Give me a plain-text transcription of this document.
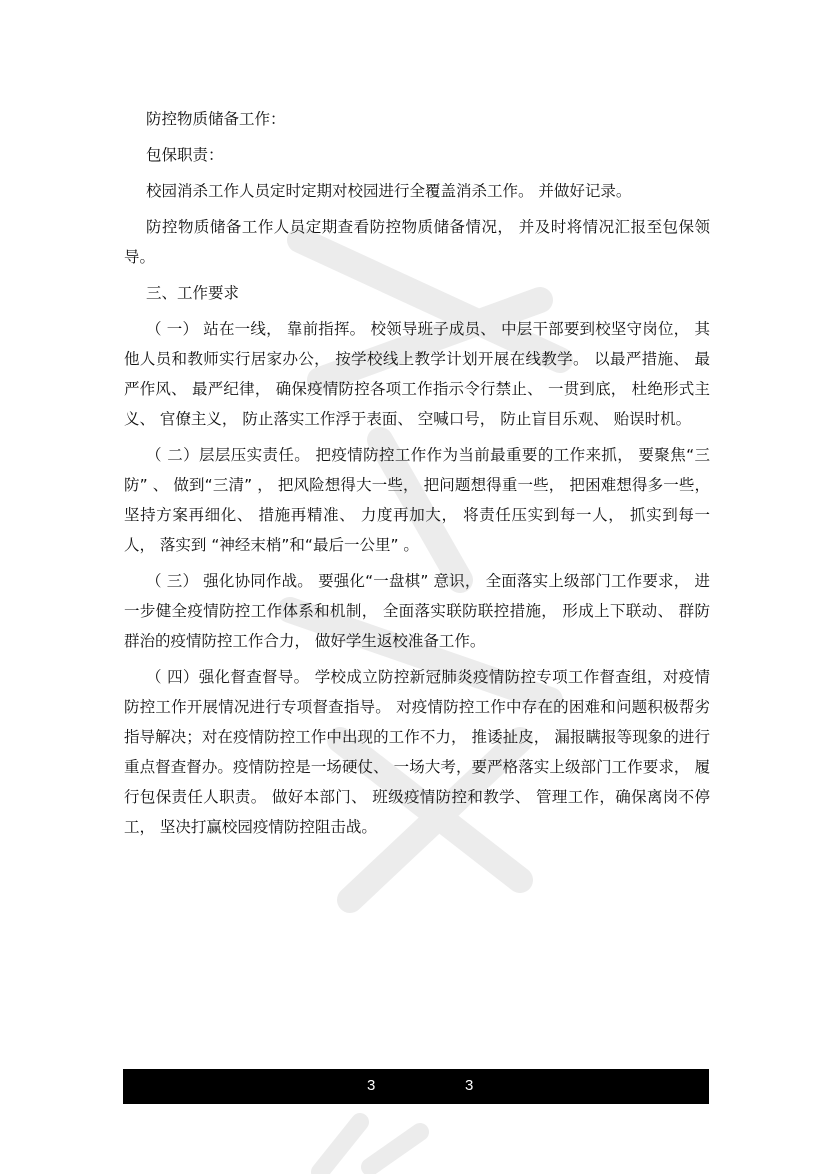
防控物质储备工作：

包保职责：

校园消杀工作人员定时定期对校园进行全覆盖消杀工作。 并做好记录。

防控物质储备工作人员定期查看防控物质储备情况， 并及时将情况汇报至包保领导。

三、工作要求

（ 一） 站在一线， 靠前指挥。 校领导班子成员、 中层干部要到校坚守岗位， 其他人员和教师实行居家办公， 按学校线上教学计划开展在线教学。 以最严措施、 最严作风、 最严纪律， 确保疫情防控各项工作指示令行禁止、 一贯到底， 杜绝形式主义、 官僚主义， 防止落实工作浮于表面、 空喊口号， 防止盲目乐观、 贻误时机。

（ 二）层层压实责任。 把疫情防控工作作为当前最重要的工作来抓， 要聚焦“三防” 、 做到“三清” ， 把风险想得大一些， 把问题想得重一些， 把困难想得多一些， 坚持方案再细化、 措施再精准、 力度再加大， 将责任压实到每一人， 抓实到每一人， 落实到 “神经末梢”和“最后一公里” 。

（ 三） 强化协同作战。 要强化“一盘棋” 意识， 全面落实上级部门工作要求， 进一步健全疫情防控工作体系和机制， 全面落实联防联控措施， 形成上下联动、 群防群治的疫情防控工作合力， 做好学生返校准备工作。

（ 四）强化督查督导。 学校成立防控新冠肺炎疫情防控专项工作督查组，对疫情防控工作开展情况进行专项督查指导。 对疫情防控工作中存在的困难和问题积极帮劣指导解决；对在疫情防控工作中出现的工作不力， 推诿扯皮， 漏报瞒报等现象的进行重点督查督办。疫情防控是一场硬仗、 一场大考，要严格落实上级部门工作要求， 履行包保责任人职责。 做好本部门、 班级疫情防控和教学、 管理工作，确保离岗不停工， 坚决打赢校园疫情防控阻击战。

3	3
